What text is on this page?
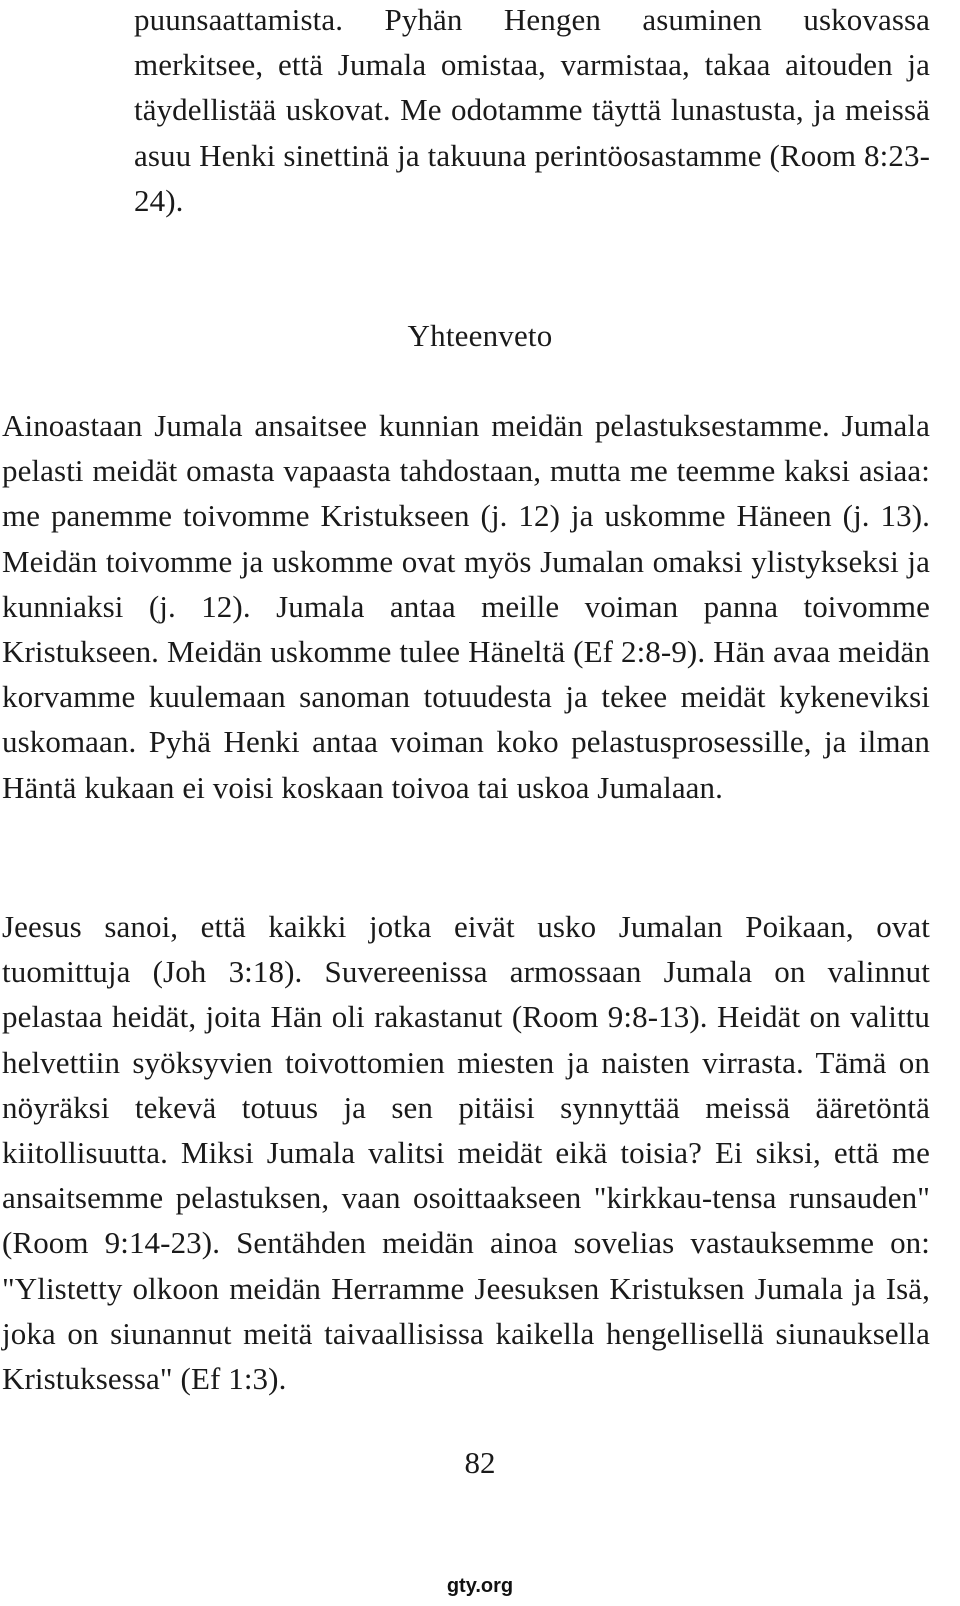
puunsaattamista. Pyhän Hengen asuminen uskovassa merkitsee, että Jumala omistaa, varmistaa, takaa aitouden ja täydellistää uskovat. Me odotamme täyttä lunastusta, ja meissä asuu Henki sinettinä ja takuuna perintöosastamme (Room 8:23-24).

Yhteenveto

Ainoastaan Jumala ansaitsee kunnian meidän pelastuksestamme. Jumala pelasti meidät omasta vapaasta tahdostaan, mutta me teemme kaksi asiaa: me panemme toivomme Kristukseen (j. 12) ja uskomme Häneen (j. 13). Meidän toivomme ja uskomme ovat myös Jumalan omaksi ylistykseksi ja kunniaksi (j. 12). Jumala antaa meille voiman panna toivomme Kristukseen. Meidän uskomme tulee Häneltä (Ef 2:8-9). Hän avaa meidän korvamme kuulemaan sanoman totuudesta ja tekee meidät kykeneviksi uskomaan. Pyhä Henki antaa voiman koko pelastusprosessille, ja ilman Häntä kukaan ei voisi koskaan toivoa tai uskoa Jumalaan.

Jeesus sanoi, että kaikki jotka eivät usko Jumalan Poikaan, ovat tuomittuja (Joh 3:18). Suvereenissa armossaan Jumala on valinnut pelastaa heidät, joita Hän oli rakastanut (Room 9:8-13). Heidät on valittu helvettiin syöksyvien toivottomien miesten ja naisten virrasta. Tämä on nöyräksi tekevä totuus ja sen pitäisi synnyttää meissä ääretöntä kiitollisuutta. Miksi Jumala valitsi meidät eikä toisia? Ei siksi, että me ansaitsemme pelastuksen, vaan osoittaakseen "kirkkau-tensa runsauden" (Room 9:14-23). Sentähden meidän ainoa sovelias vastauksemme on: "Ylistetty olkoon meidän Herramme Jeesuksen Kristuksen Jumala ja Isä, joka on siunannut meitä taivaallisissa kaikella hengellisellä siunauksella Kristuksessa" (Ef 1:3).

82
gty.org
